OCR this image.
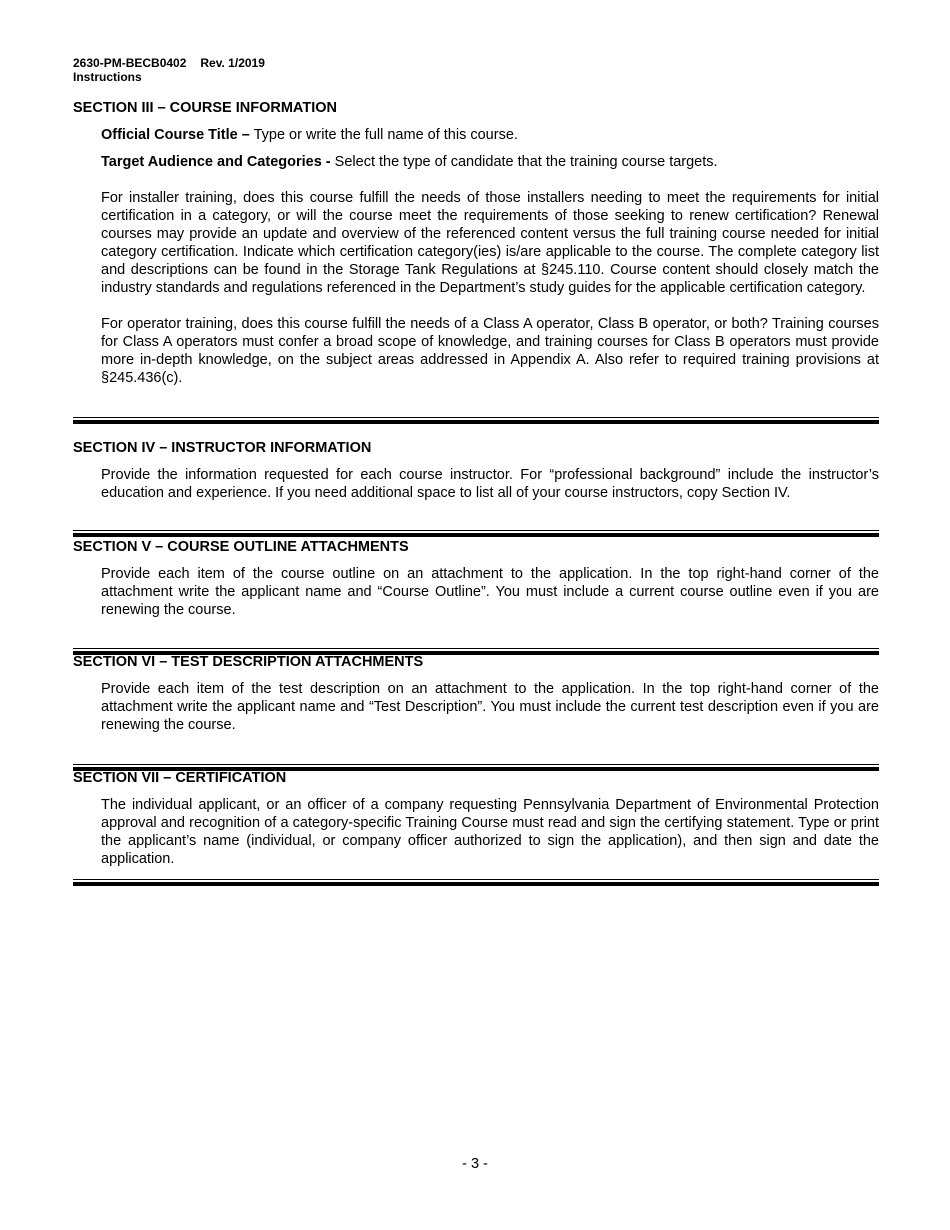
2630-PM-BECB0402 Rev. 1/2019
Instructions
SECTION III – COURSE INFORMATION

Official Course Title – Type or write the full name of this course.

Target Audience and Categories - Select the type of candidate that the training course targets.

For installer training, does this course fulfill the needs of those installers needing to meet the requirements for initial certification in a category, or will the course meet the requirements of those seeking to renew certification? Renewal courses may provide an update and overview of the referenced content versus the full training course needed for initial category certification. Indicate which certification category(ies) is/are applicable to the course. The complete category list and descriptions can be found in the Storage Tank Regulations at §245.110. Course content should closely match the industry standards and regulations referenced in the Department’s study guides for the applicable certification category.

For operator training, does this course fulfill the needs of a Class A operator, Class B operator, or both? Training courses for Class A operators must confer a broad scope of knowledge, and training courses for Class B operators must provide more in-depth knowledge, on the subject areas addressed in Appendix A. Also refer to required training provisions at §245.436(c).

SECTION IV – INSTRUCTOR INFORMATION

Provide the information requested for each course instructor. For “professional background” include the instructor’s education and experience. If you need additional space to list all of your course instructors, copy Section IV.

SECTION V – COURSE OUTLINE ATTACHMENTS

Provide each item of the course outline on an attachment to the application. In the top right-hand corner of the attachment write the applicant name and “Course Outline”. You must include a current course outline even if you are renewing the course.

SECTION VI – TEST DESCRIPTION ATTACHMENTS

Provide each item of the test description on an attachment to the application. In the top right-hand corner of the attachment write the applicant name and “Test Description”. You must include the current test description even if you are renewing the course.

SECTION VII – CERTIFICATION

The individual applicant, or an officer of a company requesting Pennsylvania Department of Environmental Protection approval and recognition of a category-specific Training Course must read and sign the certifying statement. Type or print the applicant’s name (individual, or company officer authorized to sign the application), and then sign and date the application.

- 3 -
